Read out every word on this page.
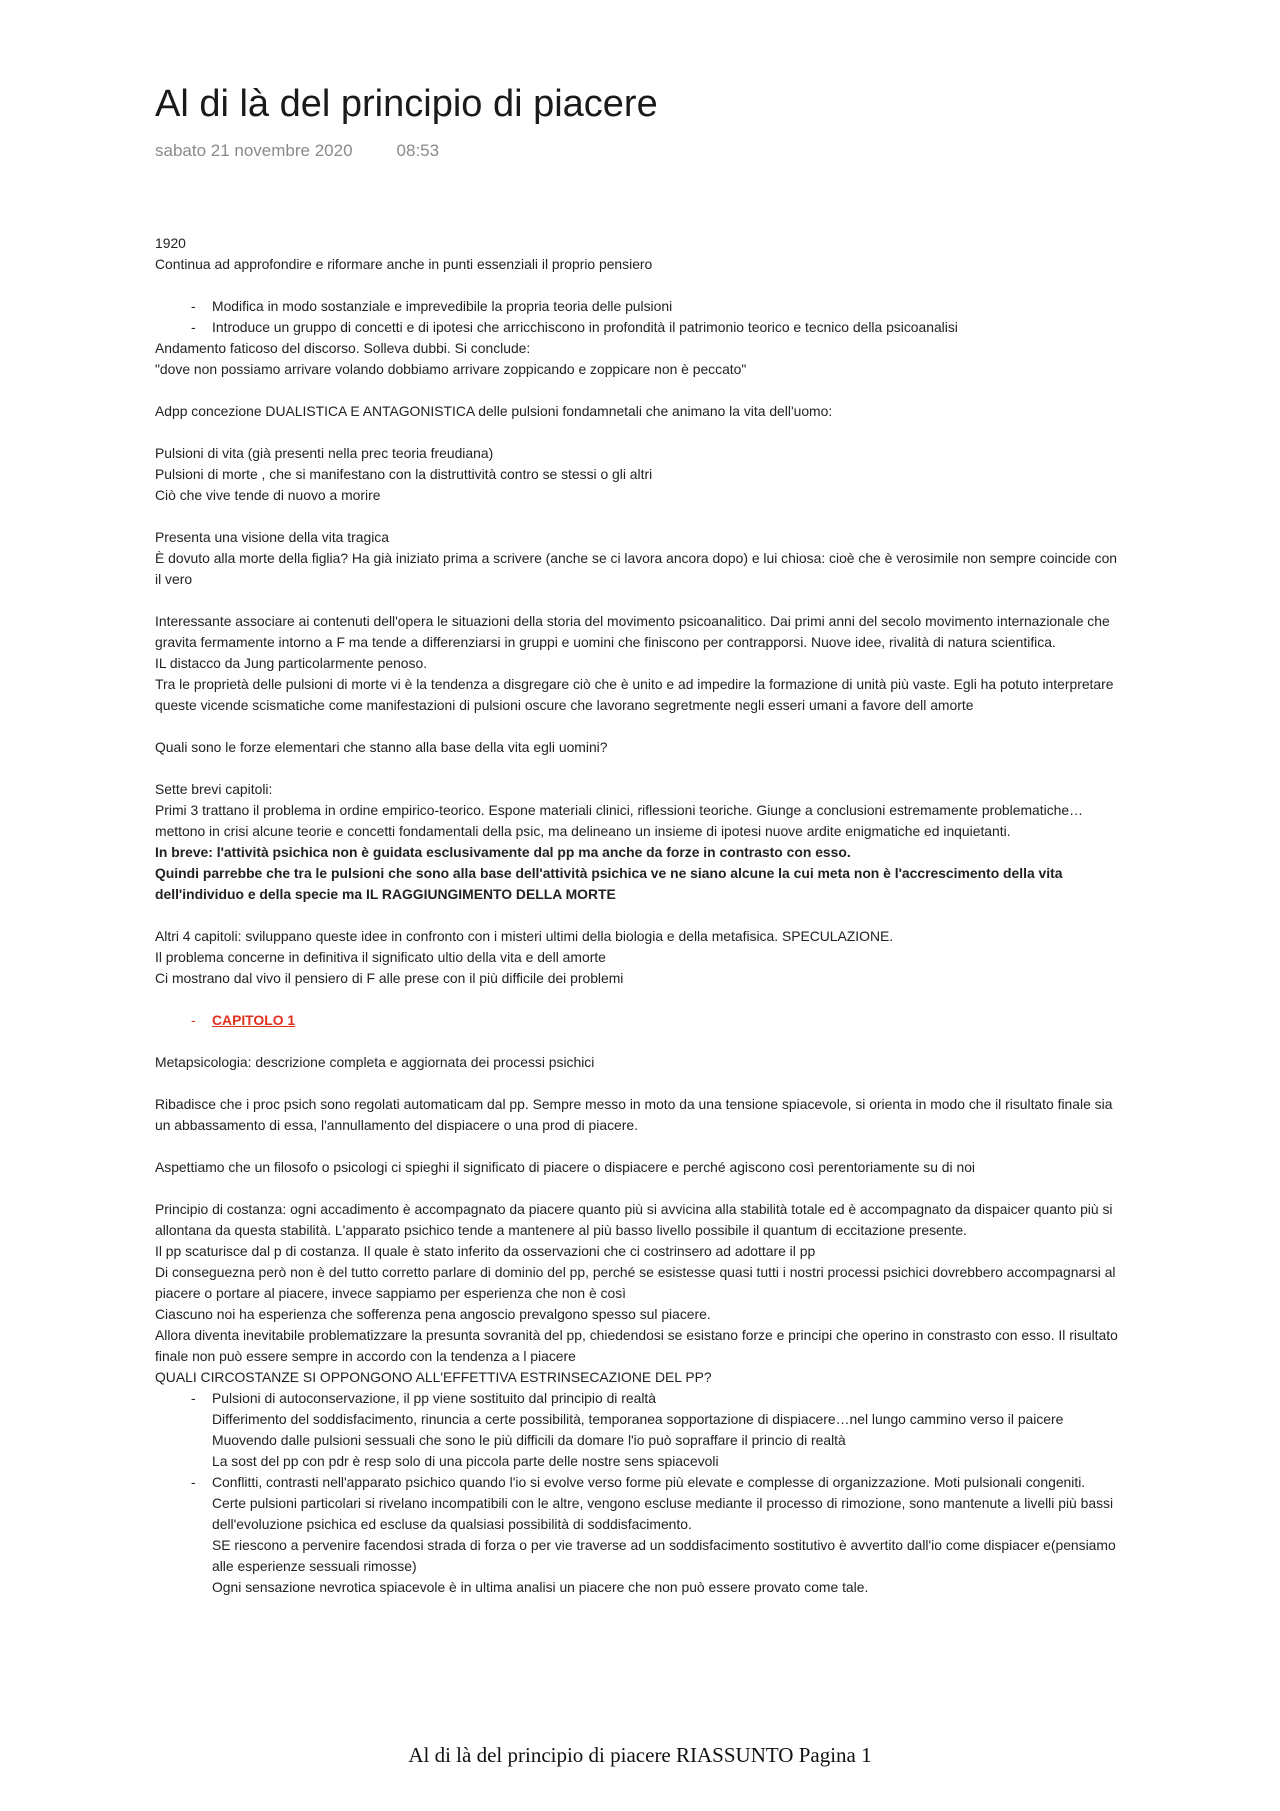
Al di là del principio di piacere
sabato 21 novembre 2020	08:53

1920

Continua ad approfondire e riformare anche in punti essenziali il proprio pensiero

- Modifica in modo sostanziale e imprevedibile la propria teoria delle pulsioni

- Introduce un gruppo di concetti e di ipotesi che arricchiscono in profondità il patrimonio teorico e tecnico della psicoanalisi

Andamento faticoso del discorso. Solleva dubbi. Si conclude:

"dove non possiamo arrivare volando dobbiamo arrivare zoppicando e zoppicare non è peccato"

Adpp concezione DUALISTICA E ANTAGONISTICA delle pulsioni fondamnetali che animano la vita dell'uomo:

Pulsioni di vita (già presenti nella prec teoria freudiana)

Pulsioni di morte , che si manifestano con la distruttività contro se stessi o gli altri

Ciò che vive tende di nuovo a morire

Presenta una visione della vita tragica

È dovuto alla morte della figlia? Ha già iniziato prima a scrivere (anche se ci lavora ancora dopo) e lui chiosa: cioè che è verosimile non sempre coincide con il vero

Interessante associare ai contenuti dell'opera le situazioni della storia del movimento psicoanalitico. Dai primi anni del secolo movimento internazionale che gravita fermamente intorno a F ma tende a differenziarsi in gruppi e uomini che finiscono per contrapporsi. Nuove idee, rivalità di natura scientifica.

IL distacco da Jung particolarmente penoso.

Tra le proprietà delle pulsioni di morte vi è la tendenza a disgregare ciò che è unito e ad impedire la formazione di unità più vaste. Egli ha potuto interpretare queste vicende scismatiche come manifestazioni di pulsioni oscure che lavorano segretmente negli esseri umani a favore dell amorte

Quali sono le forze elementari che stanno alla base della vita egli uomini?

Sette brevi capitoli:

Primi 3 trattano il problema in ordine empirico-teorico. Espone materiali clinici, riflessioni teoriche. Giunge a conclusioni estremamente problematiche…mettono in crisi alcune teorie e concetti fondamentali della psic, ma delineano un insieme di ipotesi nuove ardite enigmatiche ed inquietanti.

In breve: l'attività psichica non è guidata esclusivamente dal pp ma anche da forze in contrasto con esso.

Quindi parrebbe che tra le pulsioni che sono alla base dell'attività psichica ve ne siano alcune la cui meta non è l'accrescimento della vita dell'individuo e della specie ma IL RAGGIUNGIMENTO DELLA MORTE

Altri 4 capitoli: sviluppano queste idee in confronto con i misteri ultimi della biologia e della metafisica. SPECULAZIONE.

Il problema concerne in definitiva il significato ultio della vita e dell amorte

Ci mostrano dal vivo il pensiero di F alle prese con il più difficile dei problemi

- CAPITOLO 1

Metapsicologia: descrizione completa e aggiornata dei processi psichici

Ribadisce che i proc psich sono regolati automaticam dal pp. Sempre messo in moto da una tensione spiacevole, si orienta in modo che il risultato finale sia un abbassamento di essa, l'annullamento del dispiacere o una prod di piacere.

Aspettiamo che un filosofo o psicologi ci spieghi il significato di piacere o dispiacere e perché agiscono così perentoriamente su di noi

Principio di costanza: ogni accadimento è accompagnato da piacere quanto più si avvicina alla stabilità totale ed è accompagnato da dispaicer quanto più si allontana da questa stabilità. L'apparato psichico tende a mantenere al più basso livello possibile il quantum di eccitazione presente.

Il pp scaturisce dal p di costanza. Il quale è stato inferito da osservazioni che ci costrinsero ad adottare il pp

Di conseguezna però non è del tutto corretto parlare di dominio del pp, perché se esistesse quasi tutti i nostri processi psichici dovrebbero accompagnarsi al piacere o portare al piacere, invece sappiamo per esperienza che non è così

Ciascuno noi ha esperienza che sofferenza pena angoscio prevalgono spesso sul piacere.

Allora diventa inevitabile problematizzare la presunta sovranità del pp, chiedendosi se esistano forze e principi che operino in constrasto con esso. Il risultato finale non può essere sempre in accordo con la tendenza a l piacere

QUALI CIRCOSTANZE SI OPPONGONO ALL'EFFETTIVA ESTRINSECAZIONE DEL PP?

- Pulsioni di autoconservazione, il pp viene sostituito dal principio di realtà

Differimento del soddisfacimento, rinuncia a certe possibilità, temporanea sopportazione di dispiacere…nel lungo cammino verso il paicere

Muovendo dalle pulsioni sessuali che sono le più difficili da domare l'io può sopraffare il princio di realtà

La sost del pp con pdr è resp solo di una piccola parte delle nostre sens spiacevoli

- Conflitti, contrasti nell'apparato psichico quando l'io si evolve verso forme più elevate e complesse di organizzazione. Moti pulsionali congeniti.

Certe pulsioni particolari si rivelano incompatibili con le altre, vengono escluse mediante il processo di rimozione, sono mantenute a livelli più bassi dell'evoluzione psichica ed escluse da qualsiasi possibilità di soddisfacimento.

SE riescono a pervenire facendosi strada di forza o per vie traverse ad un soddisfacimento sostitutivo è avvertito dall'io come dispiacer e(pensiamo alle esperienze sessuali rimosse)

Ogni sensazione nevrotica spiacevole è in ultima analisi un piacere che non può essere provato come tale.

Al di là del principio di piacere RIASSUNTO Pagina 1
